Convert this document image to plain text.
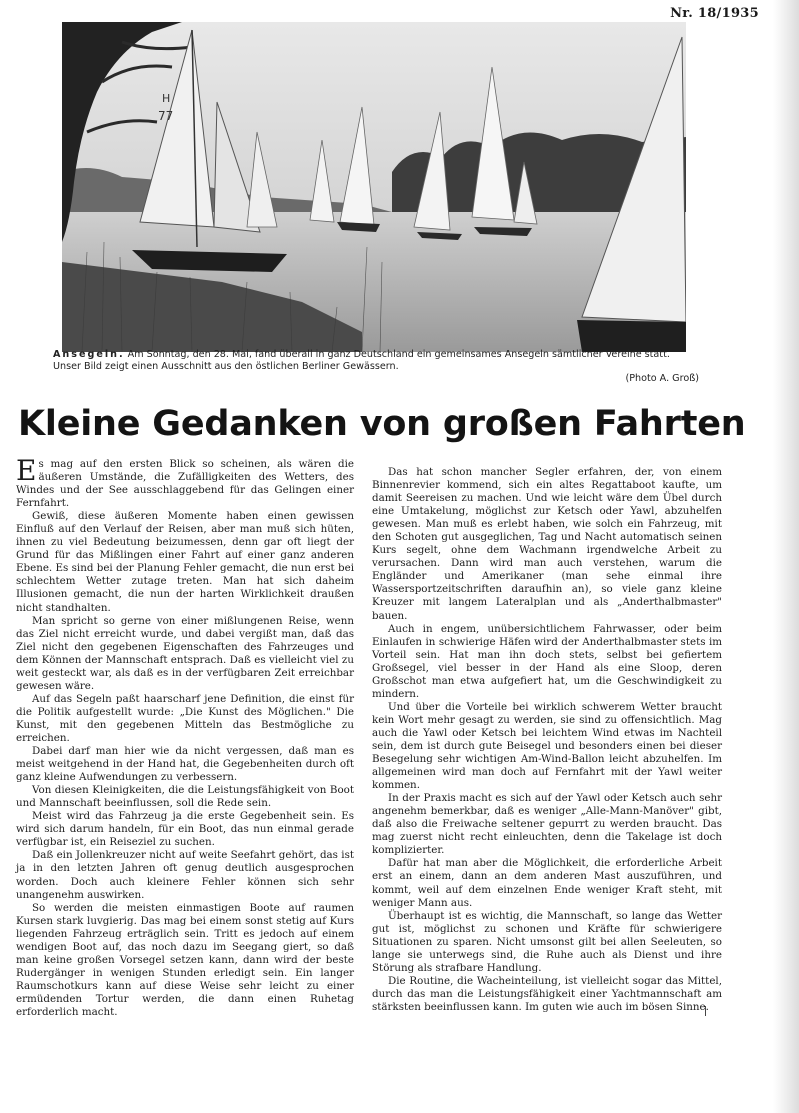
Nr. 18/1935
H
77
Ansegeln. Am Sonntag, den 28. Mai, fand überall in ganz Deutschland ein gemeinsames Ansegeln sämtlicher Vereine statt. Unser Bild zeigt einen Ausschnitt aus den östlichen Berliner Gewässern.
(Photo A. Groß)
Kleine Gedanken von großen Fahrten

Es mag auf den ersten Blick so scheinen, als wären die äußeren Umstände, die Zufälligkeiten des Wetters, des Windes und der See ausschlaggebend für das Gelingen einer Fernfahrt.

Gewiß, diese äußeren Momente haben einen gewissen Einfluß auf den Verlauf der Reisen, aber man muß sich hüten, ihnen zu viel Bedeutung beizumessen, denn gar oft liegt der Grund für das Mißlingen einer Fahrt auf einer ganz anderen Ebene. Es sind bei der Planung Fehler gemacht, die nun erst bei schlechtem Wetter zutage treten. Man hat sich daheim Illusionen gemacht, die nun der harten Wirklichkeit draußen nicht standhalten.

Man spricht so gerne von einer mißlungenen Reise, wenn das Ziel nicht erreicht wurde, und dabei vergißt man, daß das Ziel nicht den gegebenen Eigenschaften des Fahrzeuges und dem Können der Mannschaft entsprach. Daß es vielleicht viel zu weit gesteckt war, als daß es in der verfügbaren Zeit erreichbar gewesen wäre.

Auf das Segeln paßt haarscharf jene Definition, die einst für die Politik aufgestellt wurde: „Die Kunst des Möglichen." Die Kunst, mit den gegebenen Mitteln das Bestmögliche zu erreichen.

Dabei darf man hier wie da nicht vergessen, daß man es meist weitgehend in der Hand hat, die Gegebenheiten durch oft ganz kleine Aufwendungen zu verbessern.

Von diesen Kleinigkeiten, die die Leistungsfähigkeit von Boot und Mannschaft beeinflussen, soll die Rede sein.

Meist wird das Fahrzeug ja die erste Gegebenheit sein. Es wird sich darum handeln, für ein Boot, das nun einmal gerade verfügbar ist, ein Reiseziel zu suchen.

Daß ein Jollenkreuzer nicht auf weite Seefahrt gehört, das ist ja in den letzten Jahren oft genug deutlich ausgesprochen worden. Doch auch kleinere Fehler können sich sehr unangenehm auswirken.

So werden die meisten einmastigen Boote auf raumen Kursen stark luvgierig. Das mag bei einem sonst stetig auf Kurs liegenden Fahrzeug erträglich sein. Tritt es jedoch auf einem wendigen Boot auf, das noch dazu im Seegang giert, so daß man keine großen Vorsegel setzen kann, dann wird der beste Rudergänger in wenigen Stunden erledigt sein. Ein langer Raumschotkurs kann auf diese Weise sehr leicht zu einer ermüdenden Tortur werden, die dann einen Ruhetag erforderlich macht.

Das hat schon mancher Segler erfahren, der, von einem Binnenrevier kommend, sich ein altes Regattaboot kaufte, um damit Seereisen zu machen. Und wie leicht wäre dem Übel durch eine Umtakelung, möglichst zur Ketsch oder Yawl, abzuhelfen gewesen. Man muß es erlebt haben, wie solch ein Fahrzeug, mit den Schoten gut ausgeglichen, Tag und Nacht automatisch seinen Kurs segelt, ohne dem Wachmann irgendwelche Arbeit zu verursachen. Dann wird man auch verstehen, warum die Engländer und Amerikaner (man sehe einmal ihre Wassersportzeitschriften daraufhin an), so viele ganz kleine Kreuzer mit langem Lateralplan und als „Anderthalbmaster" bauen.

Auch in engem, unübersichtlichem Fahrwasser, oder beim Einlaufen in schwierige Häfen wird der Anderthalbmaster stets im Vorteil sein. Hat man ihn doch stets, selbst bei gefiertem Großsegel, viel besser in der Hand als eine Sloop, deren Großschot man etwa aufgefiert hat, um die Geschwindigkeit zu mindern.

Und über die Vorteile bei wirklich schwerem Wetter braucht kein Wort mehr gesagt zu werden, sie sind zu offensichtlich. Mag auch die Yawl oder Ketsch bei leichtem Wind etwas im Nachteil sein, dem ist durch gute Beisegel und besonders einen bei dieser Besegelung sehr wichtigen Am-Wind-Ballon leicht abzuhelfen. Im allgemeinen wird man doch auf Fernfahrt mit der Yawl weiter kommen.

In der Praxis macht es sich auf der Yawl oder Ketsch auch sehr angenehm bemerkbar, daß es weniger „Alle-Mann-Manöver" gibt, daß also die Freiwache seltener gepurrt zu werden braucht. Das mag zuerst nicht recht einleuchten, denn die Takelage ist doch komplizierter.

Dafür hat man aber die Möglichkeit, die erforderliche Arbeit erst an einem, dann an dem anderen Mast auszuführen, und kommt, weil auf dem einzelnen Ende weniger Kraft steht, mit weniger Mann aus.

Überhaupt ist es wichtig, die Mannschaft, so lange das Wetter gut ist, möglichst zu schonen und Kräfte für schwierigere Situationen zu sparen. Nicht umsonst gilt bei allen Seeleuten, so lange sie unterwegs sind, die Ruhe auch als Dienst und ihre Störung als strafbare Handlung.

Die Routine, die Wacheinteilung, ist vielleicht sogar das Mittel, durch das man die Leistungsfähigkeit einer Yachtmannschaft am stärksten beeinflussen kann. Im guten wie auch im bösen Sinne.
